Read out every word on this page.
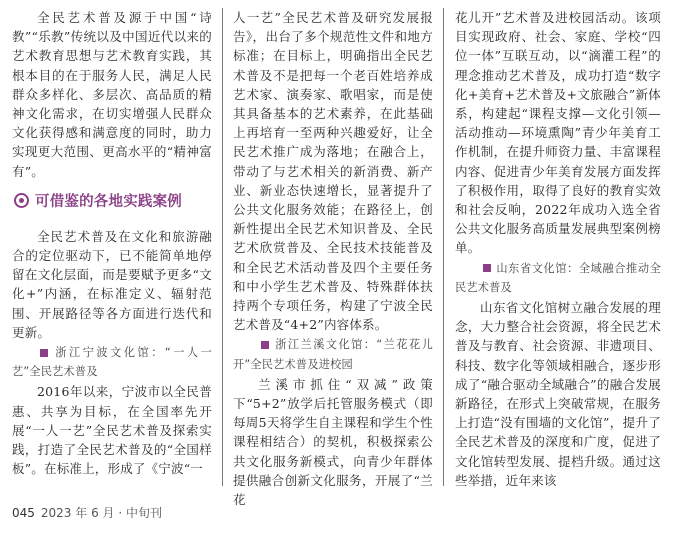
全民艺术普及源于中国“诗教”“乐教”传统以及中国近代以来的艺术教育思想与艺术教育实践，其根本目的在于服务人民，满足人民群众多样化、多层次、高品质的精神文化需求，在切实增强人民群众文化获得感和满意度的同时，助力实现更大范围、更高水平的“精神富有”。

可借鉴的各地实践案例

全民艺术普及在文化和旅游融合的定位驱动下，已不能简单地停留在文化层面，而是要赋予更多“文化+”内涵，在标准定义、辐射范围、开展路径等各方面进行迭代和更新。

浙江宁波文化馆：“一人一艺”全民艺术普及

2016年以来，宁波市以全民普惠、共享为目标，在全国率先开展“一人一艺”全民艺术普及探索实践，打造了全民艺术普及的“全国样板”。在标准上，形成了《宁波“一

人一艺”全民艺术普及研究发展报告》，出台了多个规范性文件和地方标准；在目标上，明确指出全民艺术普及不是把每一个老百姓培养成艺术家、演奏家、歌唱家，而是使其具备基本的艺术素养，在此基础上再培育一至两种兴趣爱好，让全民艺术推广成为落地；在融合上，带动了与艺术相关的新消费、新产业、新业态快速增长，显著提升了公共文化服务效能；在路径上，创新性提出全民艺术知识普及、全民艺术欣赏普及、全民技术技能普及和全民艺术活动普及四个主要任务和中小学生艺术普及、特殊群体扶持两个专项任务，构建了宁波全民艺术普及“4+2”内容体系。

浙江兰溪文化馆：“兰花花儿开”全民艺术普及进校园

兰溪市抓住“双减”政策下“5+2”放学后托管服务模式（即每周5天将学生自主课程和学生个性课程相结合）的契机，积极探索公共文化服务新模式，向青少年群体提供融合创新文化服务，开展了“兰花

花儿开”艺术普及进校园活动。该项目实现政府、社会、家庭、学校“四位一体”互联互动，以“滴灌工程”的理念推动艺术普及，成功打造“数字化+美育+艺术普及+文旅融合”新体系，构建起“课程支撑—文化引领—活动推动—环境熏陶”青少年美育工作机制，在提升师资力量、丰富课程内容、促进青少年美育发展方面发挥了积极作用，取得了良好的教育实效和社会反响，2022年成功入选全省公共文化服务高质量发展典型案例榜单。

山东省文化馆：全域融合推动全民艺术普及

山东省文化馆树立融合发展的理念，大力整合社会资源，将全民艺术普及与教育、社会资源、非遗项目、科技、数字化等领域相融合，逐步形成了“融合驱动全域融合”的融合发展新路径，在形式上突破常规，在服务上打造“没有围墙的文化馆”，提升了全民艺术普及的深度和广度，促进了文化馆转型发展、提档升级。通过这些举措，近年来该

045 2023 年 6 月 · 中旬刊
